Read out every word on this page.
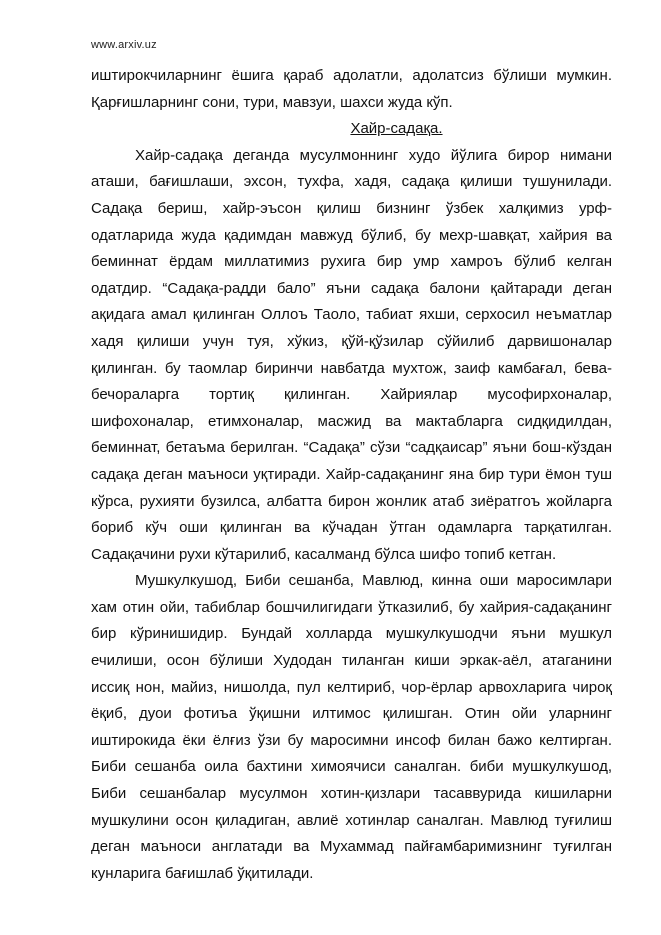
www.arxiv.uz

иштирокчиларнинг ёшига қараб адолатли, адолатсиз бўлиши мумкин. Қарғишларнинг сони, тури, мавзуи, шахси жуда кўп.

Хайр-садақа.

Хайр-садақа деганда мусулмоннинг худо йўлига бирор нимани аташи, бағишлаши, эхсон, тухфа, хадя, садақа қилиши тушунилади. Садақа бериш, хайр-эъсон қилиш бизнинг ўзбек халқимиз урф-одатларида жуда қадимдан мавжуд бўлиб, бу мехр-шавқат, хайрия ва беминнат ёрдам миллатимиз рухига бир умр хамроъ бўлиб келган одатдир. “Садақа-радди бало” яъни садақа балони қайтаради деган ақидага амал қилинган Оллоъ Таоло, табиат яхши, серхосил неъматлар хадя қилиши учун туя, хўкиз, қўй-қўзилар сўйилиб дарвишоналар қилинган. бу таомлар биринчи навбатда мухтож, заиф камбағал, бева-бечораларга тортиқ қилинган. Хайриялар мусофирхоналар, шифохоналар, етимхоналар, масжид ва мактабларга сидқидилдан, беминнат, бетаъма берилган. “Садақа” сўзи “садқаисар” яъни бош-кўздан садақа деган маъноси уқтиради. Хайр-садақанинг яна бир тури ёмон туш кўрса, рухияти бузилса, албатта бирон жонлик атаб зиёратгоъ жойларга бориб кўч оши қилинган ва кўчадан ўтган одамларга тарқатилган. Садақачини рухи кўтарилиб, касалманд бўлса шифо топиб кетган.

Мушкулкушод, Биби сешанба, Мавлюд, кинна оши маросимлари хам отин ойи, табиблар бошчилигидаги ўтказилиб, бу хайрия-садақанинг бир кўринишидир. Бундай холларда мушкулкушодчи яъни мушкул ечилиши, осон бўлиши Худодан тиланган киши эркак-аёл, атаганини иссиқ нон, майиз, нишолда, пул келтириб, чор-ёрлар арвохларига чироқ ёқиб, дуои фотиъа ўқишни илтимос қилишган. Отин ойи уларнинг иштирокида ёки ёлғиз ўзи бу маросимни инсоф билан бажо келтирган. Биби сешанба оила бахтини химоячиси саналган. биби мушкулкушод, Биби сешанбалар мусулмон хотин-қизлари тасаввурида кишиларни мушкулини осон қиладиган, авлиё хотинлар саналган. Мавлюд туғилиш деган маъноси англатади ва Мухаммад пайғамбаримизнинг туғилган кунларига бағишлаб ўқитилади.
